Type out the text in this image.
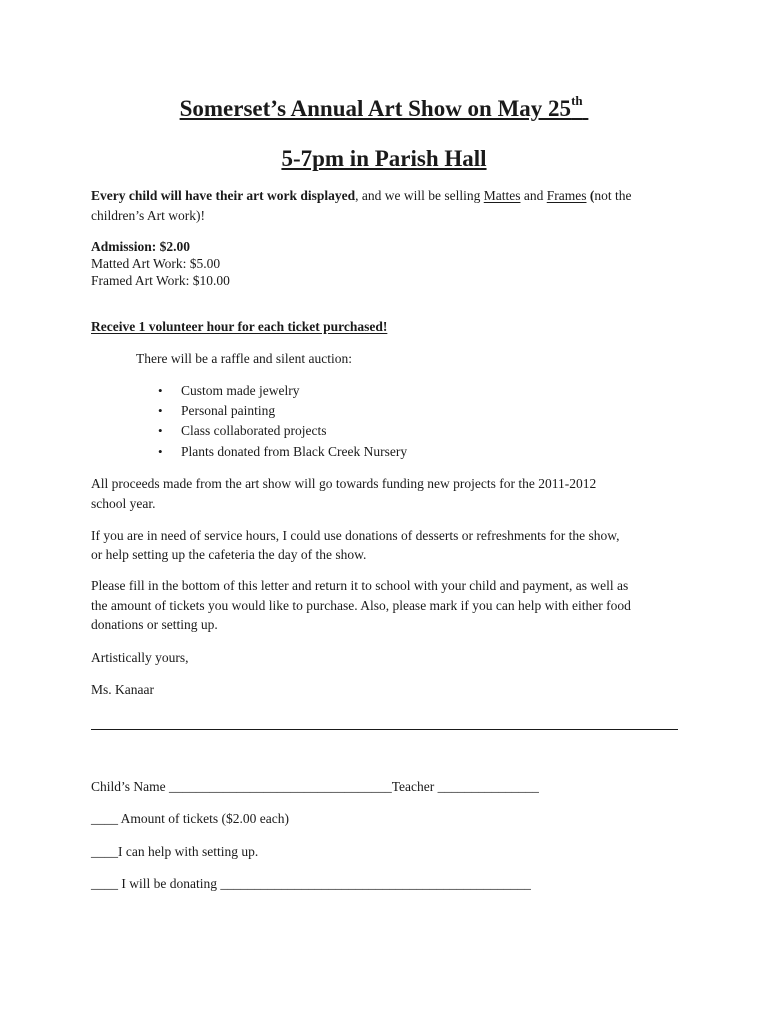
Somerset’s Annual Art Show on May 25th
5-7pm in Parish Hall
Every child will have their art work displayed, and we will be selling Mattes and Frames (not the
children’s Art work)!
Admission: $2.00
Matted Art Work: $5.00
Framed Art Work: $10.00
Receive 1 volunteer hour for each ticket purchased!
There will be a raffle and silent auction:
• Custom made jewelry
• Personal painting
• Class collaborated projects
• Plants donated from Black Creek Nursery
All proceeds made from the art show will go towards funding new projects for the 2011-2012
school year.
If you are in need of service hours, I could use donations of desserts or refreshments for the show,
or help setting up the cafeteria the day of the show.
Please fill in the bottom of this letter and return it to school with your child and payment, as well as
the amount of tickets you would like to purchase. Also, please mark if you can help with either food
donations or setting up.
Artistically yours,
Ms. Kanaar
Child’s Name _________________________________Teacher _______________
____ Amount of tickets ($2.00 each)
____I can help with setting up.
____ I will be donating ______________________________________________
